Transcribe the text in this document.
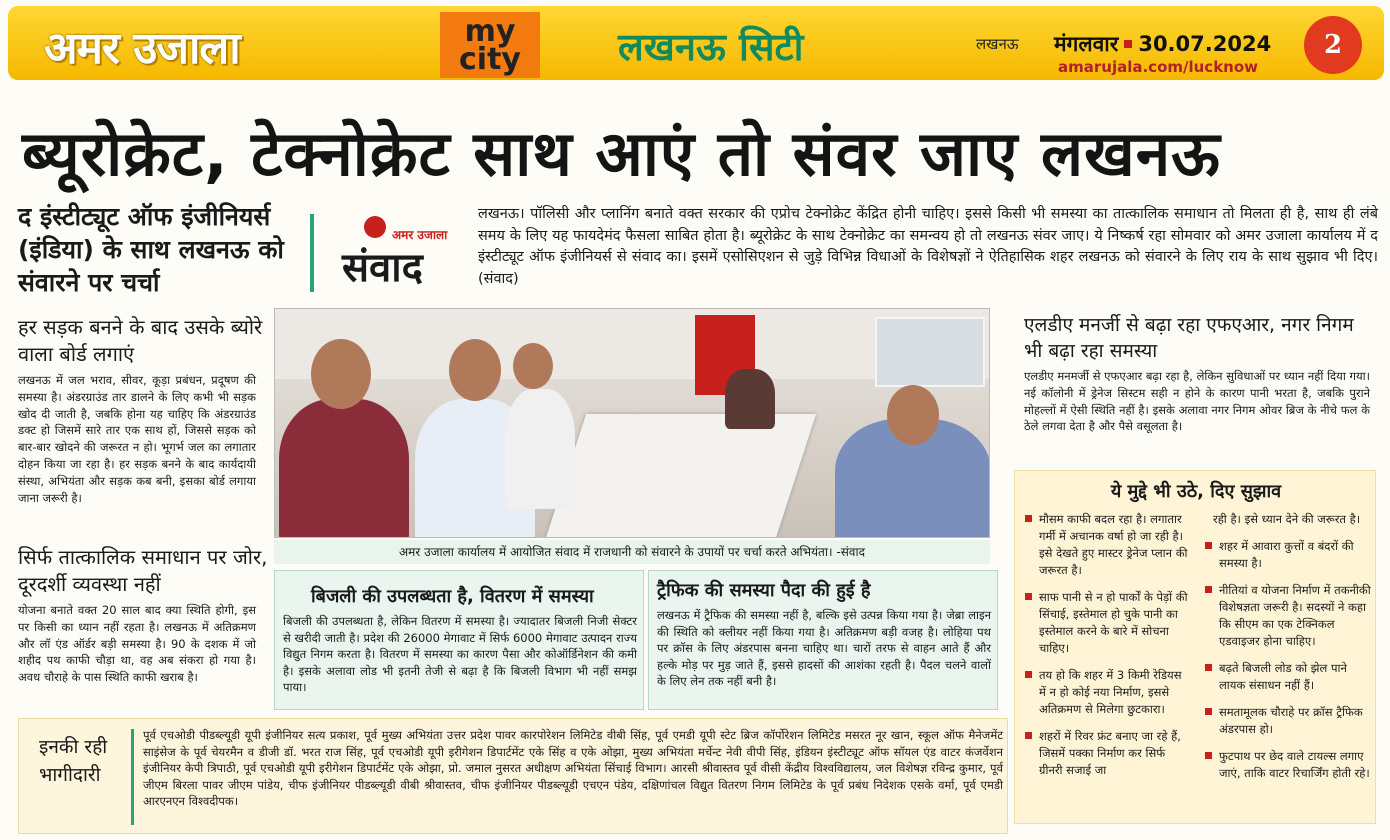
अमर उजाला	my
city	लखनऊ सिटी	लखनऊ मंगलवार 30.07.2024
amarujala.com/lucknow
2
ब्यूरोक्रेट, टेक्नोक्रेट साथ आएं तो संवर जाए लखनऊ
द इंस्टीट्यूट ऑफ इंजीनियर्स (इंडिया) के साथ लखनऊ को संवारने पर चर्चा
अमर उजाला
संवाद
लखनऊ। पॉलिसी और प्लानिंग बनाते वक्त सरकार की एप्रोच टेक्नोक्रेट केंद्रित होनी चाहिए। इससे किसी भी समस्या का तात्कालिक समाधान तो मिलता ही है, साथ ही लंबे समय के लिए यह फायदेमंद फैसला साबित होता है। ब्यूरोक्रेट के साथ टेक्नोक्रेट का समन्वय हो तो लखनऊ संवर जाए। ये निष्कर्ष रहा सोमवार को अमर उजाला कार्यालय में द इंस्टीट्यूट ऑफ इंजीनियर्स से संवाद का। इसमें एसोसिएशन से जुड़े विभिन्न विधाओं के विशेषज्ञों ने ऐतिहासिक शहर लखनऊ को संवारने के लिए राय के साथ सुझाव भी दिए। (संवाद)
हर सड़क बनने के बाद उसके ब्योरे वाला बोर्ड लगाएं
लखनऊ में जल भराव, सीवर, कूड़ा प्रबंधन, प्रदूषण की समस्या है। अंडरग्राउंड तार डालने के लिए कभी भी सड़क खोद दी जाती है, जबकि होना यह चाहिए कि अंडरग्राउंड डक्ट हो जिसमें सारे तार एक साथ हों, जिससे सड़क को बार-बार खोदने की जरूरत न हो। भूगर्भ जल का लगातार दोहन किया जा रहा है। हर सड़क बनने के बाद कार्यदायी संस्था, अभियंता और सड़क कब बनी, इसका बोर्ड लगाया जाना जरूरी है।
सिर्फ तात्कालिक समाधान पर जोर, दूरदर्शी व्यवस्था नहीं
योजना बनाते वक्त 20 साल बाद क्या स्थिति होगी, इस पर किसी का ध्यान नहीं रहता है। लखनऊ में अतिक्रमण और लॉ एंड ऑर्डर बड़ी समस्या है। 90 के दशक में जो शहीद पथ काफी चौड़ा था, वह अब संकरा हो गया है। अवध चौराहे के पास स्थिति काफी खराब है।
अमर उजाला कार्यालय में आयोजित संवाद में राजधानी को संवारने के उपायों पर चर्चा करते अभियंता। -संवाद
एलडीए मनर्जी से बढ़ा रहा एफएआर, नगर निगम भी बढ़ा रहा समस्या
एलडीए मनमर्जी से एफएआर बढ़ा रहा है, लेकिन सुविधाओं पर ध्यान नहीं दिया गया। नई कॉलोनी में ड्रेनेज सिस्टम सही न होने के कारण पानी भरता है, जबकि पुराने मोहल्लों में ऐसी स्थिति नहीं है। इसके अलावा नगर निगम ओवर ब्रिज के नीचे फल के ठेले लगवा देता है और पैसे वसूलता है।
बिजली की उपलब्धता है, वितरण में समस्या
बिजली की उपलब्धता है, लेकिन वितरण में समस्या है। ज्यादातर बिजली निजी सेक्टर से खरीदी जाती है। प्रदेश की 26000 मेगावाट में सिर्फ 6000 मेगावाट उत्पादन राज्य विद्युत निगम करता है। वितरण में समस्या का कारण पैसा और कोऑर्डिनेशन की कमी है। इसके अलावा लोड भी इतनी तेजी से बढ़ा है कि बिजली विभाग भी नहीं समझ पाया।
ट्रैफिक की समस्या पैदा की हुई है
लखनऊ में ट्रैफिक की समस्या नहीं है, बल्कि इसे उत्पन्न किया गया है। जेब्रा लाइन की स्थिति को क्लीयर नहीं किया गया है। अतिक्रमण बड़ी वजह है। लोहिया पथ पर क्रॉस के लिए अंडरपास बनना चाहिए था। चारों तरफ से वाहन आते हैं और हल्के मोड़ पर मुड़ जाते हैं, इससे हादसों की आशंका रहती है। पैदल चलने वालों के लिए लेन तक नहीं बनी है।
ये मुद्दे भी उठे, दिए सुझाव
मौसम काफी बदल रहा है। लगातार गर्मी में अचानक वर्षा हो जा रही है। इसे देखते हुए मास्टर ड्रेनेज प्लान की जरूरत है।
साफ पानी से न हो पार्कों के पेड़ों की सिंचाई, इस्तेमाल हो चुके पानी का इस्तेमाल करने के बारे में सोचना चाहिए।
तय हो कि शहर में 3 किमी रेडियस में न हो कोई नया निर्माण, इससे अतिक्रमण से मिलेगा छुटकारा।
शहरों में रिवर फ्रंट बनाए जा रहे हैं, जिसमें पक्का निर्माण कर सिर्फ ग्रीनरी सजाई जा
रही है। इसे ध्यान देने की जरूरत है।
शहर में आवारा कुत्तों व बंदरों की समस्या है।
नीतियां व योजना निर्माण में तकनीकी विशेषज्ञता जरूरी है। सदस्यों ने कहा कि सीएम का एक टेक्निकल एडवाइजर होना चाहिए।
बढ़ते बिजली लोड को झेल पाने लायक संसाधन नहीं हैं।
समतामूलक चौराहे पर क्रॉस ट्रैफिक अंडरपास हो।
फुटपाथ पर छेद वाले टायल्स लगाए जाएं, ताकि वाटर रिचार्जिंग होती रहे।
इनकी रही भागीदारी
पूर्व एचओडी पीडब्ल्यूडी यूपी इंजीनियर सत्य प्रकाश, पूर्व मुख्य अभियंता उत्तर प्रदेश पावर कारपोरेशन लिमिटेड वीबी सिंह, पूर्व एमडी यूपी स्टेट ब्रिज कॉर्पोरेशन लिमिटेड मसरत नूर खान, स्कूल ऑफ मैनेजमेंट साइंसेज के पूर्व चेयरमैन व डीजी डॉ. भरत राज सिंह, पूर्व एचओडी यूपी इरीगेशन डिपार्टमेंट एके सिंह व एके ओझा, मुख्य अभियंता मर्चेन्ट नेवी वीपी सिंह, इंडियन इंस्टीट्यूट ऑफ सॉयल एंड वाटर कंजर्वेशन इंजीनियर केपी त्रिपाठी, पूर्व एचओडी यूपी इरीगेशन डिपार्टमेंट एके ओझा, प्रो. जमाल नुसरत अधीक्षण अभियंता सिंचाई विभाग। आरसी श्रीवास्तव पूर्व वीसी केंद्रीय विश्वविद्यालय, जल विशेषज्ञ रविन्द्र कुमार, पूर्व जीएम बिरला पावर जीएम पांडेय, चीफ इंजीनियर पीडब्ल्यूडी वीबी श्रीवास्तव, चीफ इंजीनियर पीडब्ल्यूडी एचएन पंडेय, दक्षिणांचल विद्युत वितरण निगम लिमिटेड के पूर्व प्रबंध निदेशक एसके वर्मा, पूर्व एमडी आरएनएन विश्वदीपक।
